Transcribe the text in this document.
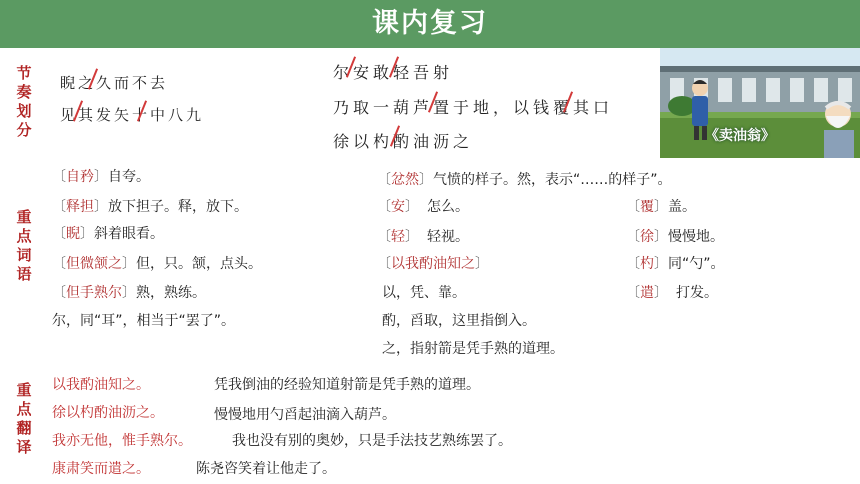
课内复习
节
奏
划
分
重
点
词
语
重
点
翻
译
睨之久而不去
见其发矢十中八九
尔安敢轻吾射
乃取一葫芦置于地，以钱覆其口
徐以杓酌油沥之	《卖油翁》
〔自矜〕自夸。
〔释担〕放下担子。释，放下。
〔睨〕斜着眼看。
〔但微颔之〕但，只。颔，点头。
〔但手熟尔〕熟，熟练。
尔，同“耳”，相当于“罢了”。
〔忿然〕气愤的样子。然，表示“……的样子”。
〔安〕 怎么。
〔轻〕 轻视。
〔以我酌油知之〕
以，凭、靠。
酌，舀取，这里指倒入。
之，指射箭是凭手熟的道理。
〔覆〕盖。
〔徐〕慢慢地。
〔杓〕同“勺”。
〔遣〕 打发。
以我酌油知之。	凭我倒油的经验知道射箭是凭手熟的道理。
徐以杓酌油沥之。	慢慢地用勺舀起油滴入葫芦。
我亦无他，惟手熟尔。	我也没有别的奥妙，只是手法技艺熟练罢了。
康肃笑而遣之。	陈尧咨笑着让他走了。
